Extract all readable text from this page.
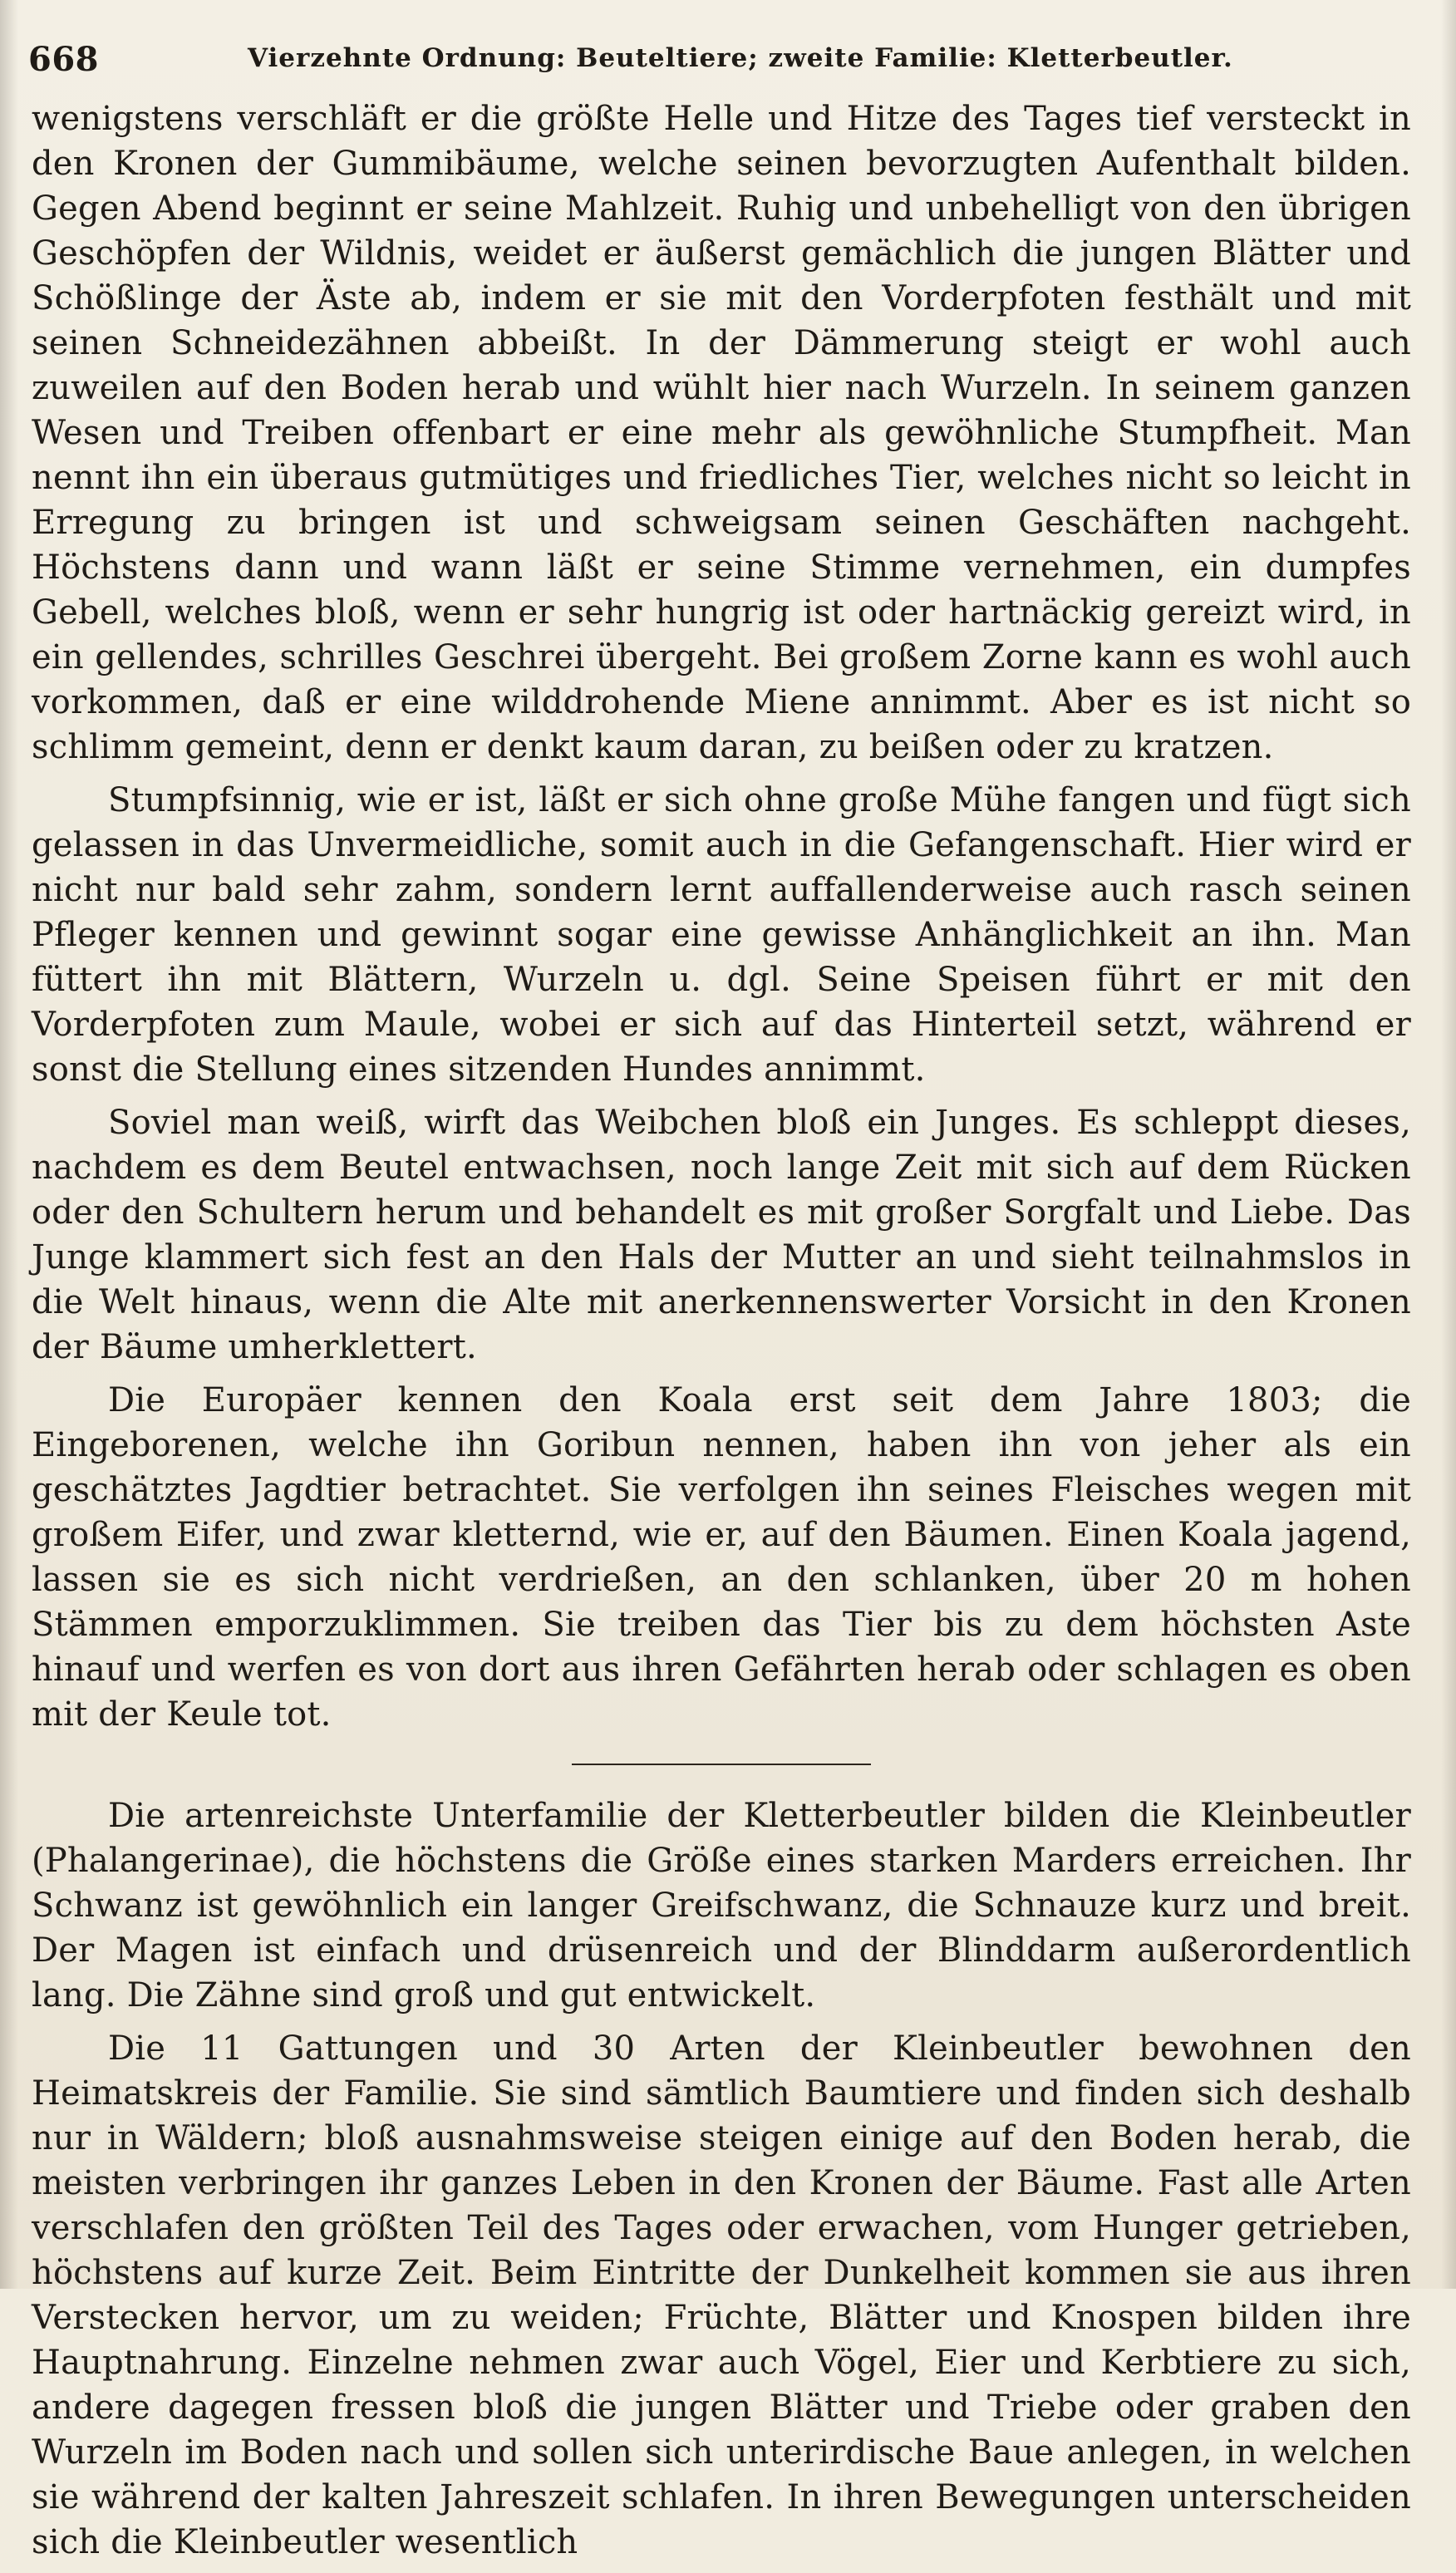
668	Vierzehnte Ordnung: Beuteltiere; zweite Familie: Kletterbeutler.

wenigstens verschläft er die größte Helle und Hitze des Tages tief versteckt in den Kronen der Gummibäume, welche seinen bevorzugten Aufenthalt bilden. Gegen Abend beginnt er seine Mahlzeit. Ruhig und unbehelligt von den übrigen Geschöpfen der Wildnis, weidet er äußerst gemächlich die jungen Blätter und Schößlinge der Äste ab, indem er sie mit den Vorderpfoten festhält und mit seinen Schneidezähnen abbeißt. In der Dämmerung steigt er wohl auch zuweilen auf den Boden herab und wühlt hier nach Wurzeln. In seinem ganzen Wesen und Treiben offenbart er eine mehr als gewöhnliche Stumpfheit. Man nennt ihn ein überaus gutmütiges und friedliches Tier, welches nicht so leicht in Erregung zu bringen ist und schweigsam seinen Geschäften nachgeht. Höchstens dann und wann läßt er seine Stimme vernehmen, ein dumpfes Gebell, welches bloß, wenn er sehr hungrig ist oder hartnäckig gereizt wird, in ein gellendes, schrilles Geschrei übergeht. Bei großem Zorne kann es wohl auch vorkommen, daß er eine wilddrohende Miene annimmt. Aber es ist nicht so schlimm gemeint, denn er denkt kaum daran, zu beißen oder zu kratzen.

Stumpfsinnig, wie er ist, läßt er sich ohne große Mühe fangen und fügt sich gelassen in das Unvermeidliche, somit auch in die Gefangenschaft. Hier wird er nicht nur bald sehr zahm, sondern lernt auffallenderweise auch rasch seinen Pfleger kennen und gewinnt sogar eine gewisse Anhänglichkeit an ihn. Man füttert ihn mit Blättern, Wurzeln u. dgl. Seine Speisen führt er mit den Vorderpfoten zum Maule, wobei er sich auf das Hinterteil setzt, während er sonst die Stellung eines sitzenden Hundes annimmt.

Soviel man weiß, wirft das Weibchen bloß ein Junges. Es schleppt dieses, nachdem es dem Beutel entwachsen, noch lange Zeit mit sich auf dem Rücken oder den Schultern herum und behandelt es mit großer Sorgfalt und Liebe. Das Junge klammert sich fest an den Hals der Mutter an und sieht teilnahmslos in die Welt hinaus, wenn die Alte mit anerkennenswerter Vorsicht in den Kronen der Bäume umherklettert.

Die Europäer kennen den Koala erst seit dem Jahre 1803; die Eingeborenen, welche ihn Goribun nennen, haben ihn von jeher als ein geschätztes Jagdtier betrachtet. Sie verfolgen ihn seines Fleisches wegen mit großem Eifer, und zwar kletternd, wie er, auf den Bäumen. Einen Koala jagend, lassen sie es sich nicht verdrießen, an den schlanken, über 20 m hohen Stämmen emporzuklimmen. Sie treiben das Tier bis zu dem höchsten Aste hinauf und werfen es von dort aus ihren Gefährten herab oder schlagen es oben mit der Keule tot.

Die artenreichste Unterfamilie der Kletterbeutler bilden die Kleinbeutler (Phalangerinae), die höchstens die Größe eines starken Marders erreichen. Ihr Schwanz ist gewöhnlich ein langer Greifschwanz, die Schnauze kurz und breit. Der Magen ist einfach und drüsenreich und der Blinddarm außerordentlich lang. Die Zähne sind groß und gut entwickelt.

Die 11 Gattungen und 30 Arten der Kleinbeutler bewohnen den Heimatskreis der Familie. Sie sind sämtlich Baumtiere und finden sich deshalb nur in Wäldern; bloß ausnahmsweise steigen einige auf den Boden herab, die meisten verbringen ihr ganzes Leben in den Kronen der Bäume. Fast alle Arten verschlafen den größten Teil des Tages oder erwachen, vom Hunger getrieben, höchstens auf kurze Zeit. Beim Eintritte der Dunkelheit kommen sie aus ihren Verstecken hervor, um zu weiden; Früchte, Blätter und Knospen bilden ihre Hauptnahrung. Einzelne nehmen zwar auch Vögel, Eier und Kerbtiere zu sich, andere dagegen fressen bloß die jungen Blätter und Triebe oder graben den Wurzeln im Boden nach und sollen sich unterirdische Baue anlegen, in welchen sie während der kalten Jahreszeit schlafen. In ihren Bewegungen unterscheiden sich die Kleinbeutler wesentlich
